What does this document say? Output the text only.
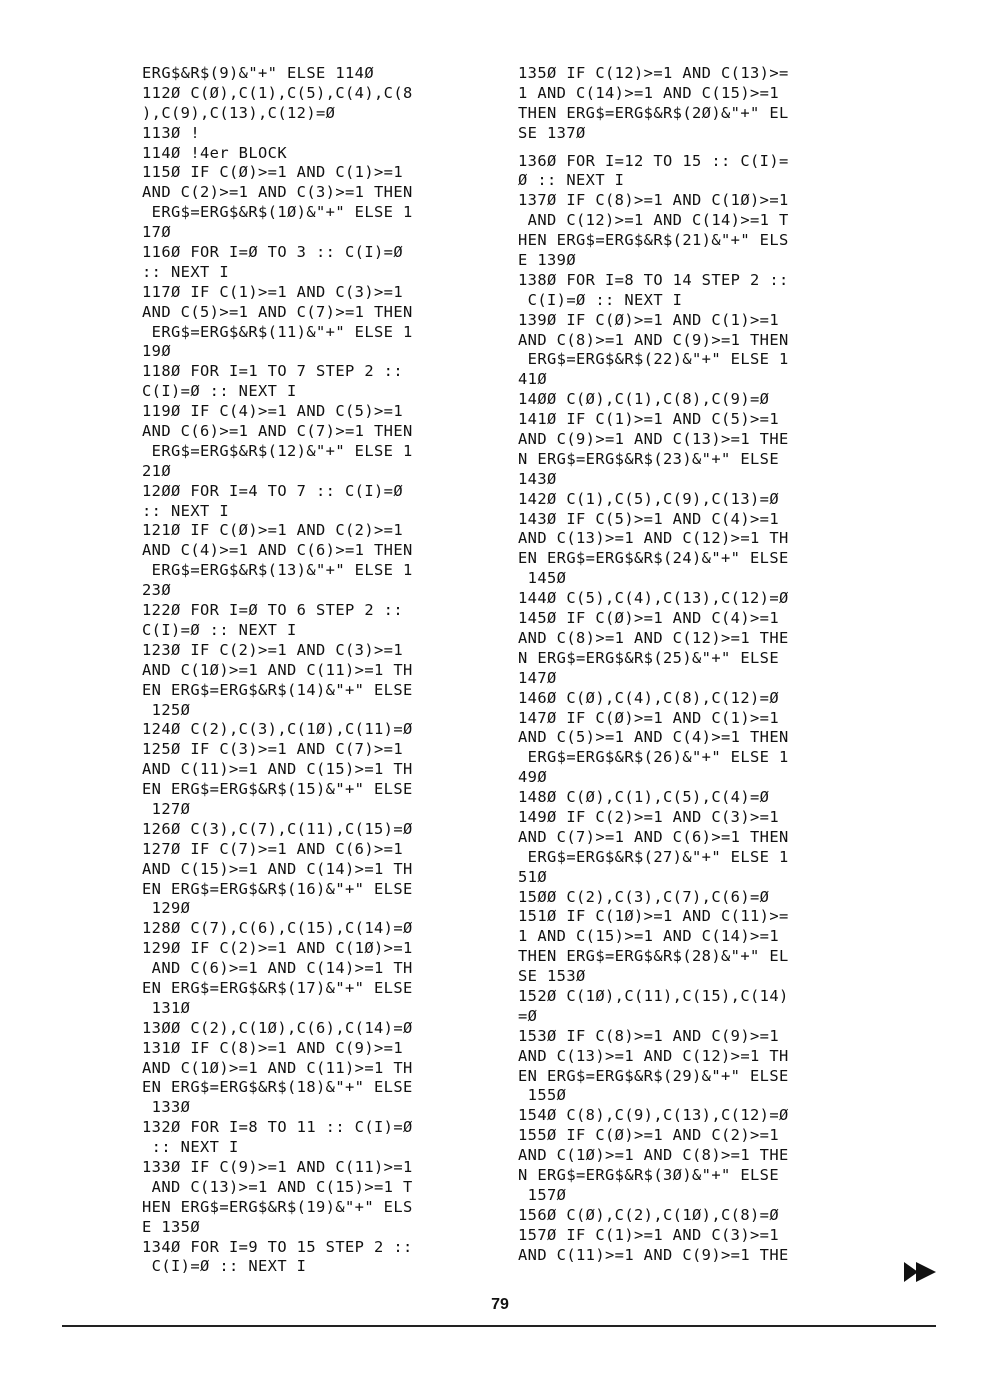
ERG$&R$(9)&"+" ELSE 114Ø
112Ø C(Ø),C(1),C(5),C(4),C(8
),C(9),C(13),C(12)=Ø
113Ø !
114Ø !4er BLOCK
115Ø IF C(Ø)>=1 AND C(1)>=1
AND C(2)>=1 AND C(3)>=1 THEN
ERG$=ERG$&R$(1Ø)&"+" ELSE 1
17Ø
116Ø FOR I=Ø TO 3 :: C(I)=Ø
:: NEXT I
117Ø IF C(1)>=1 AND C(3)>=1
AND C(5)>=1 AND C(7)>=1 THEN
ERG$=ERG$&R$(11)&"+" ELSE 1
19Ø
118Ø FOR I=1 TO 7 STEP 2 ::
C(I)=Ø :: NEXT I
119Ø IF C(4)>=1 AND C(5)>=1
AND C(6)>=1 AND C(7)>=1 THEN
ERG$=ERG$&R$(12)&"+" ELSE 1
21Ø
12ØØ FOR I=4 TO 7 :: C(I)=Ø
:: NEXT I
121Ø IF C(Ø)>=1 AND C(2)>=1
AND C(4)>=1 AND C(6)>=1 THEN
ERG$=ERG$&R$(13)&"+" ELSE 1
23Ø
122Ø FOR I=Ø TO 6 STEP 2 ::
C(I)=Ø :: NEXT I
123Ø IF C(2)>=1 AND C(3)>=1
AND C(1Ø)>=1 AND C(11)>=1 TH
EN ERG$=ERG$&R$(14)&"+" ELSE
125Ø
124Ø C(2),C(3),C(1Ø),C(11)=Ø
125Ø IF C(3)>=1 AND C(7)>=1
AND C(11)>=1 AND C(15)>=1 TH
EN ERG$=ERG$&R$(15)&"+" ELSE
127Ø
126Ø C(3),C(7),C(11),C(15)=Ø
127Ø IF C(7)>=1 AND C(6)>=1
AND C(15)>=1 AND C(14)>=1 TH
EN ERG$=ERG$&R$(16)&"+" ELSE
129Ø
128Ø C(7),C(6),C(15),C(14)=Ø
129Ø IF C(2)>=1 AND C(1Ø)>=1
AND C(6)>=1 AND C(14)>=1 TH
EN ERG$=ERG$&R$(17)&"+" ELSE
131Ø
13ØØ C(2),C(1Ø),C(6),C(14)=Ø
131Ø IF C(8)>=1 AND C(9)>=1
AND C(1Ø)>=1 AND C(11)>=1 TH
EN ERG$=ERG$&R$(18)&"+" ELSE
133Ø
132Ø FOR I=8 TO 11 :: C(I)=Ø
:: NEXT I
133Ø IF C(9)>=1 AND C(11)>=1
AND C(13)>=1 AND C(15)>=1 T
HEN ERG$=ERG$&R$(19)&"+" ELS
E 135Ø
134Ø FOR I=9 TO 15 STEP 2 ::
C(I)=Ø :: NEXT I
135Ø IF C(12)>=1 AND C(13)>=
1 AND C(14)>=1 AND C(15)>=1
THEN ERG$=ERG$&R$(2Ø)&"+" EL
SE 137Ø
136Ø FOR I=12 TO 15 :: C(I)=
Ø :: NEXT I
137Ø IF C(8)>=1 AND C(1Ø)>=1
AND C(12)>=1 AND C(14)>=1 T
HEN ERG$=ERG$&R$(21)&"+" ELS
E 139Ø
138Ø FOR I=8 TO 14 STEP 2 ::
C(I)=Ø :: NEXT I
139Ø IF C(Ø)>=1 AND C(1)>=1
AND C(8)>=1 AND C(9)>=1 THEN
ERG$=ERG$&R$(22)&"+" ELSE 1
41Ø
14ØØ C(Ø),C(1),C(8),C(9)=Ø
141Ø IF C(1)>=1 AND C(5)>=1
AND C(9)>=1 AND C(13)>=1 THE
N ERG$=ERG$&R$(23)&"+" ELSE
143Ø
142Ø C(1),C(5),C(9),C(13)=Ø
143Ø IF C(5)>=1 AND C(4)>=1
AND C(13)>=1 AND C(12)>=1 TH
EN ERG$=ERG$&R$(24)&"+" ELSE
145Ø
144Ø C(5),C(4),C(13),C(12)=Ø
145Ø IF C(Ø)>=1 AND C(4)>=1
AND C(8)>=1 AND C(12)>=1 THE
N ERG$=ERG$&R$(25)&"+" ELSE
147Ø
146Ø C(Ø),C(4),C(8),C(12)=Ø
147Ø IF C(Ø)>=1 AND C(1)>=1
AND C(5)>=1 AND C(4)>=1 THEN
ERG$=ERG$&R$(26)&"+" ELSE 1
49Ø
148Ø C(Ø),C(1),C(5),C(4)=Ø
149Ø IF C(2)>=1 AND C(3)>=1
AND C(7)>=1 AND C(6)>=1 THEN
ERG$=ERG$&R$(27)&"+" ELSE 1
51Ø
15ØØ C(2),C(3),C(7),C(6)=Ø
151Ø IF C(1Ø)>=1 AND C(11)>=
1 AND C(15)>=1 AND C(14)>=1
THEN ERG$=ERG$&R$(28)&"+" EL
SE 153Ø
152Ø C(1Ø),C(11),C(15),C(14)
=Ø
153Ø IF C(8)>=1 AND C(9)>=1
AND C(13)>=1 AND C(12)>=1 TH
EN ERG$=ERG$&R$(29)&"+" ELSE
155Ø
154Ø C(8),C(9),C(13),C(12)=Ø
155Ø IF C(Ø)>=1 AND C(2)>=1
AND C(1Ø)>=1 AND C(8)>=1 THE
N ERG$=ERG$&R$(3Ø)&"+" ELSE
157Ø
156Ø C(Ø),C(2),C(1Ø),C(8)=Ø
157Ø IF C(1)>=1 AND C(3)>=1
AND C(11)>=1 AND C(9)>=1 THE
79
